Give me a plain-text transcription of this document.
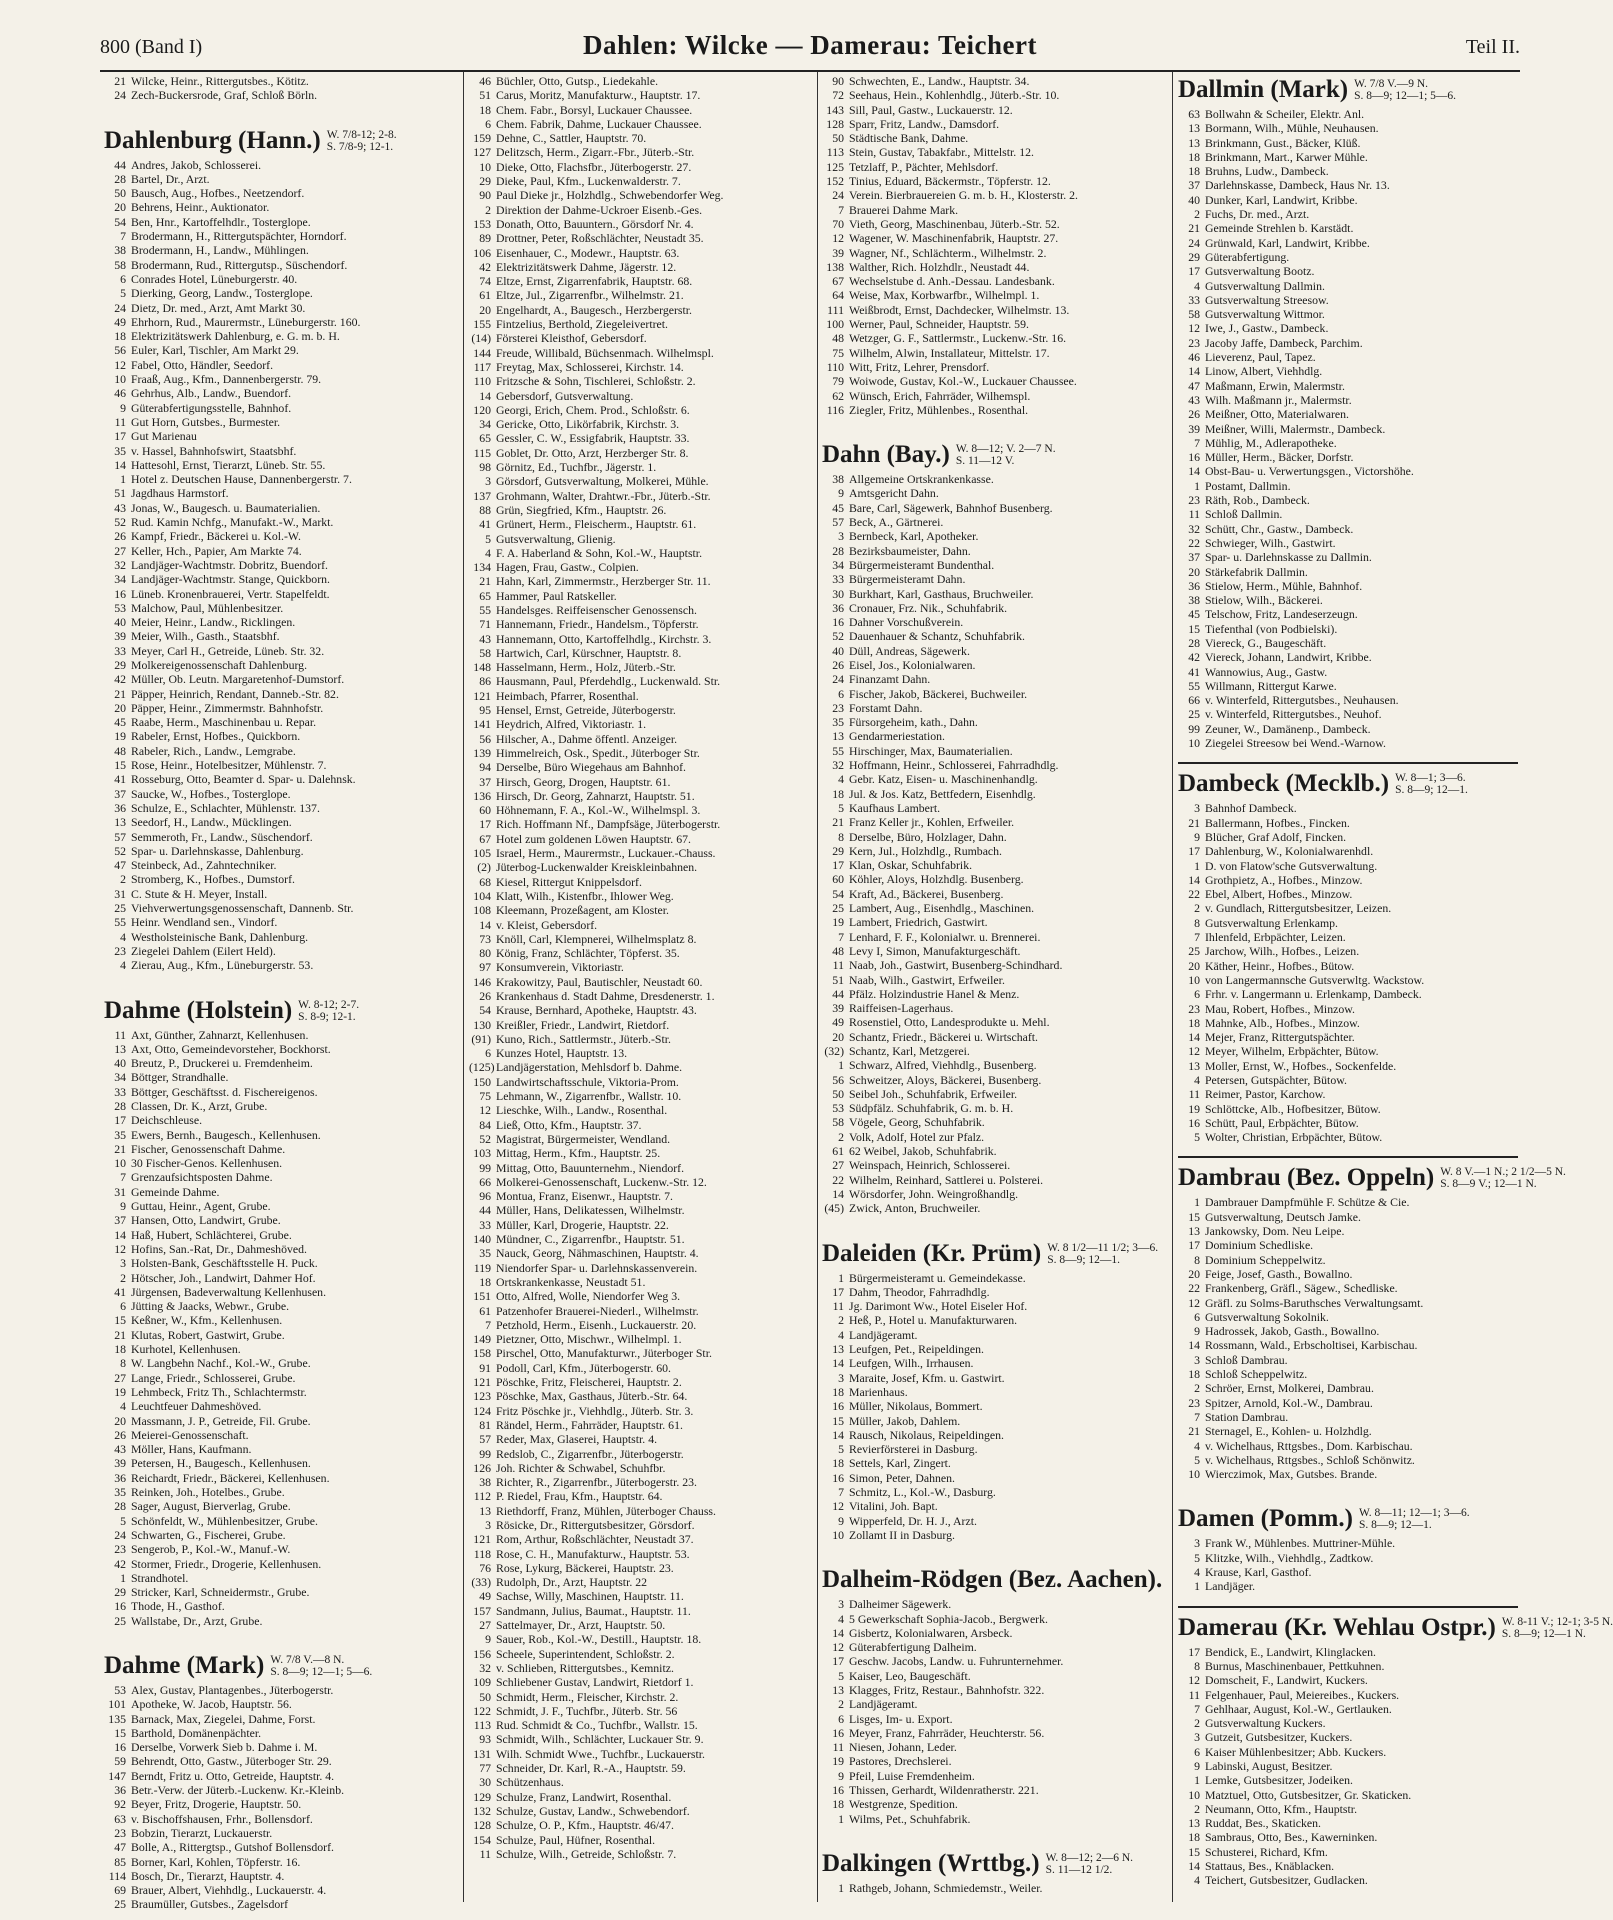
800 (Band I)	Dahlen: Wilcke — Damerau: Teichert	Teil II.
21 Wilcke, Heinr., Rittergutsbes., Kötitz.
24 Zech-Buckersrode, Graf, Schloß Börln.
Dahlenburg (Hann.) W. 7/8-12; 2-8.
S. 7/8-9; 12-1.
44 Andres, Jakob, Schlosserei.
28 Bartel, Dr., Arzt.
50 Bausch, Aug., Hofbes., Neetzendorf.
20 Behrens, Heinr., Auktionator.
54 Ben, Hnr., Kartoffelhdlr., Tosterglope.
7 Brodermann, H., Rittergutspächter, Horndorf.
38 Brodermann, H., Landw., Mühlingen.
58 Brodermann, Rud., Rittergutsp., Süschendorf.
6 Conrades Hotel, Lüneburgerstr. 40.
5 Dierking, Georg, Landw., Tosterglope.
24 Dietz, Dr. med., Arzt, Amt Markt 30.
49 Ehrhorn, Rud., Maurermstr., Lüneburgerstr. 160.
18 Elektrizitätswerk Dahlenburg, e. G. m. b. H.
56 Euler, Karl, Tischler, Am Markt 29.
12 Fabel, Otto, Händler, Seedorf.
10 Fraaß, Aug., Kfm., Dannenbergerstr. 79.
46 Gehrhus, Alb., Landw., Buendorf.
9 Güterabfertigungsstelle, Bahnhof.
11 Gut Horn, Gutsbes., Burmester.
17 Gut Marienau
35 v. Hassel, Bahnhofswirt, Staatsbhf.
14 Hattesohl, Ernst, Tierarzt, Lüneb. Str. 55.
1 Hotel z. Deutschen Hause, Dannenbergerstr. 7.
51 Jagdhaus Harmstorf.
43 Jonas, W., Baugesch. u. Baumaterialien.
52 Rud. Kamin Nchfg., Manufakt.-W., Markt.
26 Kampf, Friedr., Bäckerei u. Kol.-W.
27 Keller, Hch., Papier, Am Markte 74.
32 Landjäger-Wachtmstr. Dobritz, Buendorf.
34 Landjäger-Wachtmstr. Stange, Quickborn.
16 Lüneb. Kronenbrauerei, Vertr. Stapelfeldt.
53 Malchow, Paul, Mühlenbesitzer.
40 Meier, Heinr., Landw., Ricklingen.
39 Meier, Wilh., Gasth., Staatsbhf.
33 Meyer, Carl H., Getreide, Lüneb. Str. 32.
29 Molkereigenossenschaft Dahlenburg.
42 Müller, Ob. Leutn. Margaretenhof-Dumstorf.
21 Päpper, Heinrich, Rendant, Danneb.-Str. 82.
20 Päpper, Heinr., Zimmermstr. Bahnhofstr.
45 Raabe, Herm., Maschinenbau u. Repar.
19 Rabeler, Ernst, Hofbes., Quickborn.
48 Rabeler, Rich., Landw., Lemgrabe.
15 Rose, Heinr., Hotelbesitzer, Mühlenstr. 7.
41 Rosseburg, Otto, Beamter d. Spar- u. Dalehnsk.
37 Saucke, W., Hofbes., Tosterglope.
36 Schulze, E., Schlachter, Mühlenstr. 137.
13 Seedorf, H., Landw., Mücklingen.
57 Semmeroth, Fr., Landw., Süschendorf.
52 Spar- u. Darlehnskasse, Dahlenburg.
47 Steinbeck, Ad., Zahntechniker.
2 Stromberg, K., Hofbes., Dumstorf.
31 C. Stute & H. Meyer, Install.
25 Viehverwertungsgenossenschaft, Dannenb. Str.
55 Heinr. Wendland sen., Vindorf.
4 Westholsteinische Bank, Dahlenburg.
23 Ziegelei Dahlem (Eilert Held).
4 Zierau, Aug., Kfm., Lüneburgerstr. 53.
Dahme (Holstein) W. 8-12; 2-7.
S. 8-9; 12-1.
11 Axt, Günther, Zahnarzt, Kellenhusen.
13 Axt, Otto, Gemeindevorsteher, Bockhorst.
40 Breutz, P., Druckerei u. Fremdenheim.
34 Böttger, Strandhalle.
33 Böttger, Geschäftsst. d. Fischereigenos.
28 Classen, Dr. K., Arzt, Grube.
17 Deichschleuse.
35 Ewers, Bernh., Baugesch., Kellenhusen.
21 Fischer, Genossenschaft Dahme.
10 30 Fischer-Genos. Kellenhusen.
7 Grenzaufsichtsposten Dahme.
31 Gemeinde Dahme.
9 Guttau, Heinr., Agent, Grube.
37 Hansen, Otto, Landwirt, Grube.
14 Haß, Hubert, Schlächterei, Grube.
12 Hofins, San.-Rat, Dr., Dahmeshöved.
3 Holsten-Bank, Geschäftsstelle H. Puck.
2 Hötscher, Joh., Landwirt, Dahmer Hof.
41 Jürgensen, Badeverwaltung Kellenhusen.
6 Jütting & Jaacks, Webwr., Grube.
15 Keßner, W., Kfm., Kellenhusen.
21 Klutas, Robert, Gastwirt, Grube.
18 Kurhotel, Kellenhusen.
8 W. Langbehn Nachf., Kol.-W., Grube.
27 Lange, Friedr., Schlosserei, Grube.
19 Lehmbeck, Fritz Th., Schlachtermstr.
4 Leuchtfeuer Dahmeshöved.
20 Massmann, J. P., Getreide, Fil. Grube.
26 Meierei-Genossenschaft.
43 Möller, Hans, Kaufmann.
39 Petersen, H., Baugesch., Kellenhusen.
36 Reichardt, Friedr., Bäckerei, Kellenhusen.
35 Reinken, Joh., Hotelbes., Grube.
28 Sager, August, Bierverlag, Grube.
5 Schönfeldt, W., Mühlenbesitzer, Grube.
24 Schwarten, G., Fischerei, Grube.
23 Sengerob, P., Kol.-W., Manuf.-W.
42 Stormer, Friedr., Drogerie, Kellenhusen.
1 Strandhotel.
29 Stricker, Karl, Schneidermstr., Grube.
16 Thode, H., Gasthof.
25 Wallstabe, Dr., Arzt, Grube.
Dahme (Mark) W. 7/8 V.—8 N.
S. 8—9; 12—1; 5—6.
53 Alex, Gustav, Plantagenbes., Jüterbogerstr.
101 Apotheke, W. Jacob, Hauptstr. 56.
135 Barnack, Max, Ziegelei, Dahme, Forst.
15 Barthold, Domänenpächter.
16 Derselbe, Vorwerk Sieb b. Dahme i. M.
59 Behrendt, Otto, Gastw., Jüterboger Str. 29.
147 Berndt, Fritz u. Otto, Getreide, Hauptstr. 4.
36 Betr.-Verw. der Jüterb.-Luckenw. Kr.-Kleinb.
92 Beyer, Fritz, Drogerie, Hauptstr. 50.
63 v. Bischoffshausen, Frhr., Bollensdorf.
23 Bobzin, Tierarzt, Luckauerstr.
47 Bolle, A., Rittergtsp., Gutshof Bollensdorf.
85 Borner, Karl, Kohlen, Töpferstr. 16.
114 Bosch, Dr., Tierarzt, Hauptstr. 4.
69 Brauer, Albert, Viehhdlg., Luckauerstr. 4.
25 Braumüller, Gutsbes., Zagelsdorf
46 Büchler, Otto, Gutsp., Liedekahle.
51 Carus, Moritz, Manufakturw., Hauptstr. 17.
18 Chem. Fabr., Borsyl, Luckauer Chaussee.
6 Chem. Fabrik, Dahme, Luckauer Chaussee.
159 Dehne, C., Sattler, Hauptstr. 70.
127 Delitzsch, Herm., Zigarr.-Fbr., Jüterb.-Str.
10 Dieke, Otto, Flachsfbr., Jüterbogerstr. 27.
29 Dieke, Paul, Kfm., Luckenwalderstr. 7.
90 Paul Dieke jr., Holzhdlg., Schwebendorfer Weg.
2 Direktion der Dahme-Uckroer Eisenb.-Ges.
153 Donath, Otto, Bauuntern., Görsdorf Nr. 4.
89 Drottner, Peter, Roßschlächter, Neustadt 35.
106 Eisenhauer, C., Modewr., Hauptstr. 63.
42 Elektrizitätswerk Dahme, Jägerstr. 12.
74 Eltze, Ernst, Zigarrenfabrik, Hauptstr. 68.
61 Eltze, Jul., Zigarrenfbr., Wilhelmstr. 21.
20 Engelhardt, A., Baugesch., Herzbergerstr.
155 Fintzelius, Berthold, Ziegeleivertret.
(14) Försterei Kleisthof, Gebersdorf.
144 Freude, Willibald, Büchsenmach. Wilhelmspl.
117 Freytag, Max, Schlosserei, Kirchstr. 14.
110 Fritzsche & Sohn, Tischlerei, Schloßstr. 2.
14 Gebersdorf, Gutsverwaltung.
120 Georgi, Erich, Chem. Prod., Schloßstr. 6.
34 Gericke, Otto, Likörfabrik, Kirchstr. 3.
65 Gessler, C. W., Essigfabrik, Hauptstr. 33.
115 Goblet, Dr. Otto, Arzt, Herzberger Str. 8.
98 Görnitz, Ed., Tuchfbr., Jägerstr. 1.
3 Görsdorf, Gutsverwaltung, Molkerei, Mühle.
137 Grohmann, Walter, Drahtwr.-Fbr., Jüterb.-Str.
88 Grün, Siegfried, Kfm., Hauptstr. 26.
41 Grünert, Herm., Fleischerm., Hauptstr. 61.
5 Gutsverwaltung, Glienig.
4 F. A. Haberland & Sohn, Kol.-W., Hauptstr.
134 Hagen, Frau, Gastw., Colpien.
21 Hahn, Karl, Zimmermstr., Herzberger Str. 11.
65 Hammer, Paul Ratskeller.
55 Handelsges. Reiffeisenscher Genossensch.
71 Hannemann, Friedr., Handelsm., Töpferstr.
43 Hannemann, Otto, Kartoffelhdlg., Kirchstr. 3.
58 Hartwich, Carl, Kürschner, Hauptstr. 8.
148 Hasselmann, Herm., Holz, Jüterb.-Str.
86 Hausmann, Paul, Pferdehdlg., Luckenwald. Str.
121 Heimbach, Pfarrer, Rosenthal.
95 Hensel, Ernst, Getreide, Jüterbogerstr.
141 Heydrich, Alfred, Viktoriastr. 1.
56 Hilscher, A., Dahme öffentl. Anzeiger.
139 Himmelreich, Osk., Spedit., Jüterboger Str.
94 Derselbe, Büro Wiegehaus am Bahnhof.
37 Hirsch, Georg, Drogen, Hauptstr. 61.
136 Hirsch, Dr. Georg, Zahnarzt, Hauptstr. 51.
60 Höhnemann, F. A., Kol.-W., Wilhelmspl. 3.
17 Rich. Hoffmann Nf., Dampfsäge, Jüterbogerstr.
67 Hotel zum goldenen Löwen Hauptstr. 67.
105 Israel, Herm., Maurermstr., Luckauer.-Chauss.
(2) Jüterbog-Luckenwalder Kreiskleinbahnen.
68 Kiesel, Rittergut Knippelsdorf.
104 Klatt, Wilh., Kistenfbr., Ihlower Weg.
108 Kleemann, Prozeßagent, am Kloster.
14 v. Kleist, Gebersdorf.
73 Knöll, Carl, Klempnerei, Wilhelmsplatz 8.
80 König, Franz, Schlächter, Töpferst. 35.
97 Konsumverein, Viktoriastr.
146 Krakowitzy, Paul, Bautischler, Neustadt 60.
26 Krankenhaus d. Stadt Dahme, Dresdenerstr. 1.
54 Krause, Bernhard, Apotheke, Hauptstr. 43.
130 Kreißler, Friedr., Landwirt, Rietdorf.
(91) Kuno, Rich., Sattlermstr., Jüterb.-Str.
6 Kunzes Hotel, Hauptstr. 13.
(125) Landjägerstation, Mehlsdorf b. Dahme.
150 Landwirtschaftsschule, Viktoria-Prom.
75 Lehmann, W., Zigarrenfbr., Wallstr. 10.
12 Lieschke, Wilh., Landw., Rosenthal.
84 Ließ, Otto, Kfm., Hauptstr. 37.
52 Magistrat, Bürgermeister, Wendland.
103 Mittag, Herm., Kfm., Hauptstr. 25.
99 Mittag, Otto, Bauunternehm., Niendorf.
66 Molkerei-Genossenschaft, Luckenw.-Str. 12.
96 Montua, Franz, Eisenwr., Hauptstr. 7.
44 Müller, Hans, Delikatessen, Wilhelmstr.
33 Müller, Karl, Drogerie, Hauptstr. 22.
140 Mündner, C., Zigarrenfbr., Hauptstr. 51.
35 Nauck, Georg, Nähmaschinen, Hauptstr. 4.
119 Niendorfer Spar- u. Darlehnskassenverein.
18 Ortskrankenkasse, Neustadt 51.
151 Otto, Alfred, Wolle, Niendorfer Weg 3.
61 Patzenhofer Brauerei-Niederl., Wilhelmstr.
7 Petzhold, Herm., Eisenh., Luckauerstr. 20.
149 Pietzner, Otto, Mischwr., Wilhelmpl. 1.
158 Pirschel, Otto, Manufakturwr., Jüterboger Str.
91 Podoll, Carl, Kfm., Jüterbogerstr. 60.
121 Pöschke, Fritz, Fleischerei, Hauptstr. 2.
123 Pöschke, Max, Gasthaus, Jüterb.-Str. 64.
124 Fritz Pöschke jr., Viehhdlg., Jüterb. Str. 3.
81 Rändel, Herm., Fahrräder, Hauptstr. 61.
57 Reder, Max, Glaserei, Hauptstr. 4.
99 Redslob, C., Zigarrenfbr., Jüterbogerstr.
126 Joh. Richter & Schwabel, Schuhfbr.
38 Richter, R., Zigarrenfbr., Jüterbogerstr. 23.
112 P. Riedel, Frau, Kfm., Hauptstr. 64.
13 Riethdorff, Franz, Mühlen, Jüterboger Chauss.
3 Rösicke, Dr., Rittergutsbesitzer, Görsdorf.
121 Rom, Arthur, Roßschlächter, Neustadt 37.
118 Rose, C. H., Manufakturw., Hauptstr. 53.
76 Rose, Lykurg, Bäckerei, Hauptstr. 23.
(33) Rudolph, Dr., Arzt, Hauptstr. 22
49 Sachse, Willy, Maschinen, Hauptstr. 11.
157 Sandmann, Julius, Baumat., Hauptstr. 11.
27 Sattelmayer, Dr., Arzt, Hauptstr. 50.
9 Sauer, Rob., Kol.-W., Destill., Hauptstr. 18.
156 Scheele, Superintendent, Schloßstr. 2.
32 v. Schlieben, Rittergutsbes., Kemnitz.
109 Schliebener Gustav, Landwirt, Rietdorf 1.
50 Schmidt, Herm., Fleischer, Kirchstr. 2.
122 Schmidt, J. F., Tuchfbr., Jüterb. Str. 56
113 Rud. Schmidt & Co., Tuchfbr., Wallstr. 15.
93 Schmidt, Wilh., Schlächter, Luckauer Str. 9.
131 Wilh. Schmidt Wwe., Tuchfbr., Luckauerstr.
77 Schneider, Dr. Karl, R.-A., Hauptstr. 59.
30 Schützenhaus.
129 Schulze, Franz, Landwirt, Rosenthal.
132 Schulze, Gustav, Landw., Schwebendorf.
128 Schulze, O. P., Kfm., Hauptstr. 46/47.
154 Schulze, Paul, Hüfner, Rosenthal.
11 Schulze, Wilh., Getreide, Schloßstr. 7.
90 Schwechten, E., Landw., Hauptstr. 34.
72 Seehaus, Hein., Kohlenhdlg., Jüterb.-Str. 10.
143 Sill, Paul, Gastw., Luckauerstr. 12.
128 Sparr, Fritz, Landw., Damsdorf.
50 Städtische Bank, Dahme.
113 Stein, Gustav, Tabakfabr., Mittelstr. 12.
125 Tetzlaff, P., Pächter, Mehlsdorf.
152 Tinius, Eduard, Bäckermstr., Töpferstr. 12.
24 Verein. Bierbrauereien G. m. b. H., Klosterstr. 2.
7 Brauerei Dahme Mark.
70 Vieth, Georg, Maschinenbau, Jüterb.-Str. 52.
12 Wagener, W. Maschinenfabrik, Hauptstr. 27.
39 Wagner, Nf., Schlächterm., Wilhelmstr. 2.
138 Walther, Rich. Holzhdlr., Neustadt 44.
67 Wechselstube d. Anh.-Dessau. Landesbank.
64 Weise, Max, Korbwarfbr., Wilhelmpl. 1.
111 Weißbrodt, Ernst, Dachdecker, Wilhelmstr. 13.
100 Werner, Paul, Schneider, Hauptstr. 59.
48 Wetzger, G. F., Sattlermstr., Luckenw.-Str. 16.
75 Wilhelm, Alwin, Installateur, Mittelstr. 17.
110 Witt, Fritz, Lehrer, Prensdorf.
79 Woiwode, Gustav, Kol.-W., Luckauer Chaussee.
62 Wünsch, Erich, Fahrräder, Wilhemspl.
116 Ziegler, Fritz, Mühlenbes., Rosenthal.
Dahn (Bay.) W. 8—12; V. 2—7 N.
S. 11—12 V.
38 Allgemeine Ortskrankenkasse.
9 Amtsgericht Dahn.
45 Bare, Carl, Sägewerk, Bahnhof Busenberg.
57 Beck, A., Gärtnerei.
3 Bernbeck, Karl, Apotheker.
28 Bezirksbaumeister, Dahn.
34 Bürgermeisteramt Bundenthal.
33 Bürgermeisteramt Dahn.
30 Burkhart, Karl, Gasthaus, Bruchweiler.
36 Cronauer, Frz. Nik., Schuhfabrik.
16 Dahner Vorschußverein.
52 Dauenhauer & Schantz, Schuhfabrik.
40 Düll, Andreas, Sägewerk.
26 Eisel, Jos., Kolonialwaren.
24 Finanzamt Dahn.
6 Fischer, Jakob, Bäckerei, Buchweiler.
23 Forstamt Dahn.
35 Fürsorgeheim, kath., Dahn.
13 Gendarmeriestation.
55 Hirschinger, Max, Baumaterialien.
32 Hoffmann, Heinr., Schlosserei, Fahrradhdlg.
4 Gebr. Katz, Eisen- u. Maschinenhandlg.
18 Jul. & Jos. Katz, Bettfedern, Eisenhdlg.
5 Kaufhaus Lambert.
21 Franz Keller jr., Kohlen, Erfweiler.
8 Derselbe, Büro, Holzlager, Dahn.
29 Kern, Jul., Holzhdlg., Rumbach.
17 Klan, Oskar, Schuhfabrik.
60 Köhler, Aloys, Holzhdlg. Busenberg.
54 Kraft, Ad., Bäckerei, Busenberg.
25 Lambert, Aug., Eisenhdlg., Maschinen.
19 Lambert, Friedrich, Gastwirt.
7 Lenhard, F. F., Kolonialwr. u. Brennerei.
48 Levy I, Simon, Manufakturgeschäft.
11 Naab, Joh., Gastwirt, Busenberg-Schindhard.
51 Naab, Wilh., Gastwirt, Erfweiler.
44 Pfälz. Holzindustrie Hanel & Menz.
39 Raiffeisen-Lagerhaus.
49 Rosenstiel, Otto, Landesprodukte u. Mehl.
20 Schantz, Friedr., Bäckerei u. Wirtschaft.
(32) Schantz, Karl, Metzgerei.
1 Schwarz, Alfred, Viehhdlg., Busenberg.
56 Schweitzer, Aloys, Bäckerei, Busenberg.
50 Seibel Joh., Schuhfabrik, Erfweiler.
53 Südpfälz. Schuhfabrik, G. m. b. H.
58 Vögele, Georg, Schuhfabrik.
2 Volk, Adolf, Hotel zur Pfalz.
61 62 Weibel, Jakob, Schuhfabrik.
27 Weinspach, Heinrich, Schlosserei.
22 Wilhelm, Reinhard, Sattlerei u. Polsterei.
14 Wörsdorfer, John. Weingroßhandlg.
(45) Zwick, Anton, Bruchweiler.
Daleiden (Kr. Prüm) W. 8 1/2—11 1/2; 3—6.
S. 8—9; 12—1.
1 Bürgermeisteramt u. Gemeindekasse.
17 Dahm, Theodor, Fahrradhdlg.
11 Jg. Darimont Ww., Hotel Eiseler Hof.
2 Heß, P., Hotel u. Manufakturwaren.
4 Landjägeramt.
13 Leufgen, Pet., Reipeldingen.
14 Leufgen, Wilh., Irrhausen.
3 Maraite, Josef, Kfm. u. Gastwirt.
18 Marienhaus.
16 Müller, Nikolaus, Bommert.
15 Müller, Jakob, Dahlem.
14 Rausch, Nikolaus, Reipeldingen.
5 Revierförsterei in Dasburg.
18 Settels, Karl, Zingert.
16 Simon, Peter, Dahnen.
7 Schmitz, L., Kol.-W., Dasburg.
12 Vitalini, Joh. Bapt.
9 Wipperfeld, Dr. H. J., Arzt.
10 Zollamt II in Dasburg.
Dalheim-Rödgen (Bez. Aachen).
3 Dalheimer Sägewerk.
4 5 Gewerkschaft Sophia-Jacob., Bergwerk.
14 Gisbertz, Kolonialwaren, Arsbeck.
12 Güterabfertigung Dalheim.
17 Geschw. Jacobs, Landw. u. Fuhrunternehmer.
5 Kaiser, Leo, Baugeschäft.
13 Klagges, Fritz, Restaur., Bahnhofstr. 322.
2 Landjägeramt.
6 Lisges, Im- u. Export.
16 Meyer, Franz, Fahrräder, Heuchterstr. 56.
11 Niesen, Johann, Leder.
19 Pastores, Drechslerei.
9 Pfeil, Luise Fremdenheim.
16 Thissen, Gerhardt, Wildenratherstr. 221.
18 Westgrenze, Spedition.
1 Wilms, Pet., Schuhfabrik.
Dalkingen (Wrttbg.) W. 8—12; 2—6 N.
S. 11—12 1/2.
1 Rathgeb, Johann, Schmiedemstr., Weiler.
Dallmin (Mark) W. 7/8 V.—9 N.
S. 8—9; 12—1; 5—6.
63 Bollwahn & Scheiler, Elektr. Anl.
13 Bormann, Wilh., Mühle, Neuhausen.
13 Brinkmann, Gust., Bäcker, Klüß.
18 Brinkmann, Mart., Karwer Mühle.
18 Bruhns, Ludw., Dambeck.
37 Darlehnskasse, Dambeck, Haus Nr. 13.
40 Dunker, Karl, Landwirt, Kribbe.
2 Fuchs, Dr. med., Arzt.
21 Gemeinde Strehlen b. Karstädt.
24 Grünwald, Karl, Landwirt, Kribbe.
29 Güterabfertigung.
17 Gutsverwaltung Bootz.
4 Gutsverwaltung Dallmin.
33 Gutsverwaltung Streesow.
58 Gutsverwaltung Wittmor.
12 Iwe, J., Gastw., Dambeck.
23 Jacoby Jaffe, Dambeck, Parchim.
46 Lieverenz, Paul, Tapez.
14 Linow, Albert, Viehhdlg.
47 Maßmann, Erwin, Malermstr.
43 Wilh. Maßmann jr., Malermstr.
26 Meißner, Otto, Materialwaren.
39 Meißner, Willi, Malermstr., Dambeck.
7 Mühlig, M., Adlerapotheke.
16 Müller, Herm., Bäcker, Dorfstr.
14 Obst-Bau- u. Verwertungsgen., Victorshöhe.
1 Postamt, Dallmin.
23 Räth, Rob., Dambeck.
11 Schloß Dallmin.
32 Schütt, Chr., Gastw., Dambeck.
22 Schwieger, Wilh., Gastwirt.
37 Spar- u. Darlehnskasse zu Dallmin.
20 Stärkefabrik Dallmin.
36 Stielow, Herm., Mühle, Bahnhof.
38 Stielow, Wilh., Bäckerei.
45 Telschow, Fritz, Landeserzeugn.
15 Tiefenthal (von Podbielski).
28 Viereck, G., Baugeschäft.
42 Viereck, Johann, Landwirt, Kribbe.
41 Wannowius, Aug., Gastw.
55 Willmann, Rittergut Karwe.
66 v. Winterfeld, Rittergutsbes., Neuhausen.
25 v. Winterfeld, Rittergutsbes., Neuhof.
99 Zeuner, W., Damänenp., Dambeck.
10 Ziegelei Streesow bei Wend.-Warnow.
Dambeck (Mecklb.) W. 8—1; 3—6.
S. 8—9; 12—1.
3 Bahnhof Dambeck.
21 Ballermann, Hofbes., Fincken.
9 Blücher, Graf Adolf, Fincken.
17 Dahlenburg, W., Kolonialwarenhdl.
1 D. von Flatow'sche Gutsverwaltung.
14 Grothpietz, A., Hofbes., Minzow.
22 Ebel, Albert, Hofbes., Minzow.
2 v. Gundlach, Rittergutsbesitzer, Leizen.
8 Gutsverwaltung Erlenkamp.
7 Ihlenfeld, Erbpächter, Leizen.
25 Jarchow, Wilh., Hofbes., Leizen.
20 Käther, Heinr., Hofbes., Bütow.
10 von Langermannsche Gutsverwltg. Wackstow.
6 Frhr. v. Langermann u. Erlenkamp, Dambeck.
23 Mau, Robert, Hofbes., Minzow.
18 Mahnke, Alb., Hofbes., Minzow.
14 Mejer, Franz, Rittergutspächter.
12 Meyer, Wilhelm, Erbpächter, Bütow.
13 Moller, Ernst, W., Hofbes., Sockenfelde.
4 Petersen, Gutspächter, Bütow.
11 Reimer, Pastor, Karchow.
19 Schlöttcke, Alb., Hofbesitzer, Bütow.
16 Schütt, Paul, Erbpächter, Bütow.
5 Wolter, Christian, Erbpächter, Bütow.
Dambrau (Bez. Oppeln) W. 8 V.—1 N.; 2 1/2—5 N.
S. 8—9 V.; 12—1 N.
1 Dambrauer Dampfmühle F. Schütze & Cie.
15 Gutsverwaltung, Deutsch Jamke.
13 Jankowsky, Dom. Neu Leipe.
17 Dominium Schedliske.
8 Dominium Scheppelwitz.
20 Feige, Josef, Gasth., Bowallno.
22 Frankenberg, Gräfl., Sägew., Schedliske.
12 Gräfl. zu Solms-Baruthsches Verwaltungsamt.
6 Gutsverwaltung Sokolnik.
9 Hadrossek, Jakob, Gasth., Bowallno.
14 Rossmann, Wald., Erbscholtisei, Karbischau.
3 Schloß Dambrau.
18 Schloß Scheppelwitz.
2 Schröer, Ernst, Molkerei, Dambrau.
23 Spitzer, Arnold, Kol.-W., Dambrau.
7 Station Dambrau.
21 Sternagel, E., Kohlen- u. Holzhdlg.
4 v. Wichelhaus, Rttgsbes., Dom. Karbischau.
5 v. Wichelhaus, Rttgsbes., Schloß Schönwitz.
10 Wierczimok, Max, Gutsbes. Brande.
Damen (Pomm.) W. 8—11; 12—1; 3—6.
S. 8—9; 12—1.
3 Frank W., Mühlenbes. Muttriner-Mühle.
5 Klitzke, Wilh., Viehhdlg., Zadtkow.
4 Krause, Karl, Gasthof.
1 Landjäger.
Damerau (Kr. Wehlau Ostpr.) W. 8-11 V.; 12-1; 3-5 N.
S. 8—9; 12—1 N.
17 Bendick, E., Landwirt, Klinglacken.
8 Burnus, Maschinenbauer, Pettkuhnen.
12 Domscheit, F., Landwirt, Kuckers.
11 Felgenhauer, Paul, Meiereibes., Kuckers.
7 Gehlhaar, August, Kol.-W., Gertlauken.
2 Gutsverwaltung Kuckers.
3 Gutzeit, Gutsbesitzer, Kuckers.
6 Kaiser Mühlenbesitzer; Abb. Kuckers.
9 Labinski, August, Besitzer.
1 Lemke, Gutsbesitzer, Jodeiken.
10 Matztuel, Otto, Gutsbesitzer, Gr. Skaticken.
2 Neumann, Otto, Kfm., Hauptstr.
13 Ruddat, Bes., Skaticken.
18 Sambraus, Otto, Bes., Kawerninken.
15 Schusterei, Richard, Kfm.
14 Stattaus, Bes., Knäblacken.
4 Teichert, Gutsbesitzer, Gudlacken.
